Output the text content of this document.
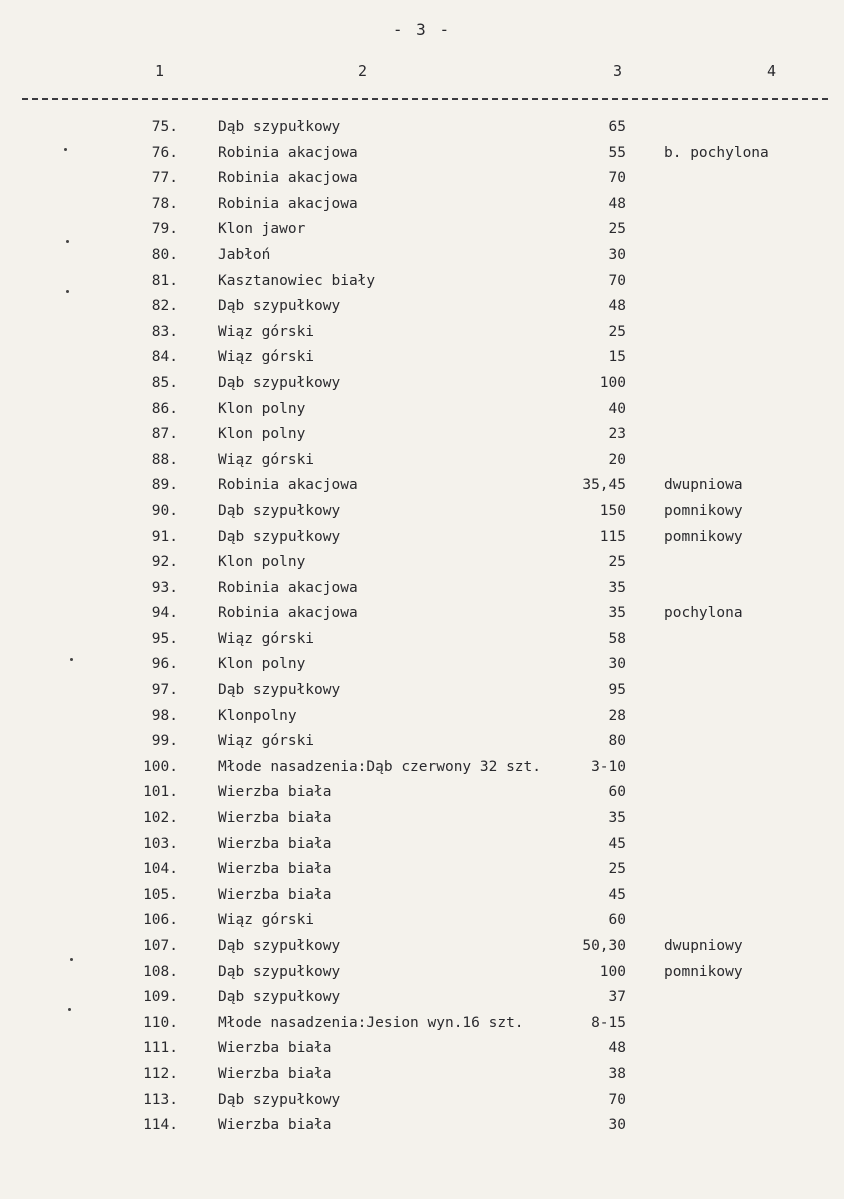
- 3 -
1	2	3	4
75.	Dąb szypułkowy	65
76.	Robinia akacjowa	55	b. pochylona
77.	Robinia akacjowa	70
78.	Robinia akacjowa	48
79.	Klon jawor	25
80.	Jabłoń	30
81.	Kasztanowiec biały	70
82.	Dąb szypułkowy	48
83.	Wiąz górski	25
84.	Wiąz górski	15
85.	Dąb szypułkowy	100
86.	Klon polny	40
87.	Klon polny	23
88.	Wiąz górski	20
89.	Robinia akacjowa	35,45	dwupniowa
90.	Dąb szypułkowy	150	pomnikowy
91.	Dąb szypułkowy	115	pomnikowy
92.	Klon polny	25
93.	Robinia akacjowa	35
94.	Robinia akacjowa	35	pochylona
95.	Wiąz górski	58
96.	Klon polny	30
97.	Dąb szypułkowy	95
98.	Klonpolny	28
99.	Wiąz górski	80
100.	Młode nasadzenia:Dąb czerwony 32 szt.	3-10
101.	Wierzba biała	60
102.	Wierzba biała	35
103.	Wierzba biała	45
104.	Wierzba biała	25
105.	Wierzba biała	45
106.	Wiąz górski	60
107.	Dąb szypułkowy	50,30	dwupniowy
108.	Dąb szypułkowy	100	pomnikowy
109.	Dąb szypułkowy	37
110.	Młode nasadzenia:Jesion wyn.16 szt.	8-15
111.	Wierzba biała	48
112.	Wierzba biała	38
113.	Dąb szypułkowy	70
114.	Wierzba biała	30
